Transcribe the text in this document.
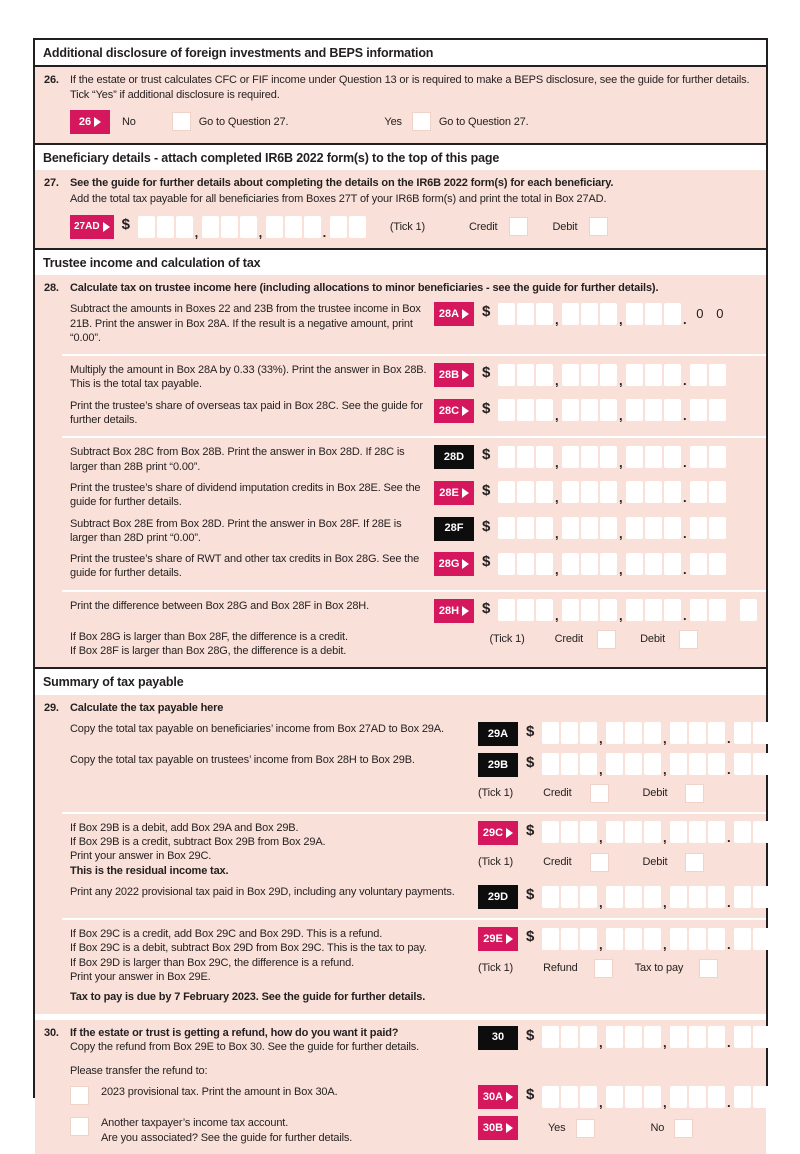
Additional disclosure of foreign investments and BEPS information
26.	If the estate or trust calculates CFC or FIF income under Question 13 or is required to make a BEPS disclosure, see the guide for further details. Tick “Yes” if additional disclosure is required.
26	No	Go to Question 27.	Yes	Go to Question 27.
Beneficiary details - attach completed IR6B 2022 form(s) to the top of this page
27.	See the guide for further details about completing the details on the IR6B 2022 form(s) for each beneficiary.
Add the total tax payable for all beneficiaries from Boxes 27T of your IR6B form(s) and print the total in Box 27AD.
27AD $	,	,	.	(Tick 1)	Credit	Debit
Trustee income and calculation of tax
28.	Calculate tax on trustee income here (including allocations to minor beneficiaries - see the guide for further details).
Subtract the amounts in Boxes 22 and 23B from the trustee income in Box 21B. Print the answer in Box 28A. If the result is a negative amount, print “0.00”.
28A $	,	,	. 0 0
Multiply the amount in Box 28A by 0.33 (33%). Print the answer in Box 28B. This is the total tax payable.
28B $	,	,	.
Print the trustee’s share of overseas tax paid in Box 28C. See the guide for further details.
28C $	,	,	.
Subtract Box 28C from Box 28B. Print the answer in Box 28D. If 28C is larger than 28B print “0.00”.
28D $	,	,	.
Print the trustee’s share of dividend imputation credits in Box 28E. See the guide for further details.
28E $	,	,	.
Subtract Box 28E from Box 28D. Print the answer in Box 28F. If 28E is larger than 28D print “0.00”.
28F $	,	,	.
Print the trustee’s share of RWT and other tax credits in Box 28G. See the guide for further details.
28G $	,	,	.
Print the difference between Box 28G and Box 28F in Box 28H.	28H $	,	,	.
If Box 28G is larger than Box 28F, the difference is a credit.
If Box 28F is larger than Box 28G, the difference is a debit.
(Tick 1)	Credit	Debit
Summary of tax payable
29.	Calculate the tax payable here
Copy the total tax payable on beneficiaries’ income from Box 27AD to Box 29A.	29A $	,	,	.
Copy the total tax payable on trustees’ income from Box 28H to Box 29B.	29B $	,	,	.
(Tick 1)	Credit	Debit
If Box 29B is a debit, add Box 29A and Box 29B.
If Box 29B is a credit, subtract Box 29B from Box 29A.
Print your answer in Box 29C.
This is the residual income tax.
29C $	,	,	.
(Tick 1)	Credit	Debit
Print any 2022 provisional tax paid in Box 29D, including any voluntary payments.	29D $	,	,	.
If Box 29C is a credit, add Box 29C and Box 29D. This is a refund.
If Box 29C is a debit, subtract Box 29D from Box 29C. This is the tax to pay.
If Box 29D is larger than Box 29C, the difference is a refund.
Print your answer in Box 29E.
29E $	,	,	.
(Tick 1)	Refund	Tax to pay
Tax to pay is due by 7 February 2023. See the guide for further details.
30.	If the estate or trust is getting a refund, how do you want it paid?
Copy the refund from Box 29E to Box 30. See the guide for further details.
30 $	,	,	.
Please transfer the refund to:
2023 provisional tax. Print the amount in Box 30A.	30A $	,	,	.
Another taxpayer’s income tax account.
Are you associated? See the guide for further details.
30B	Yes	No
